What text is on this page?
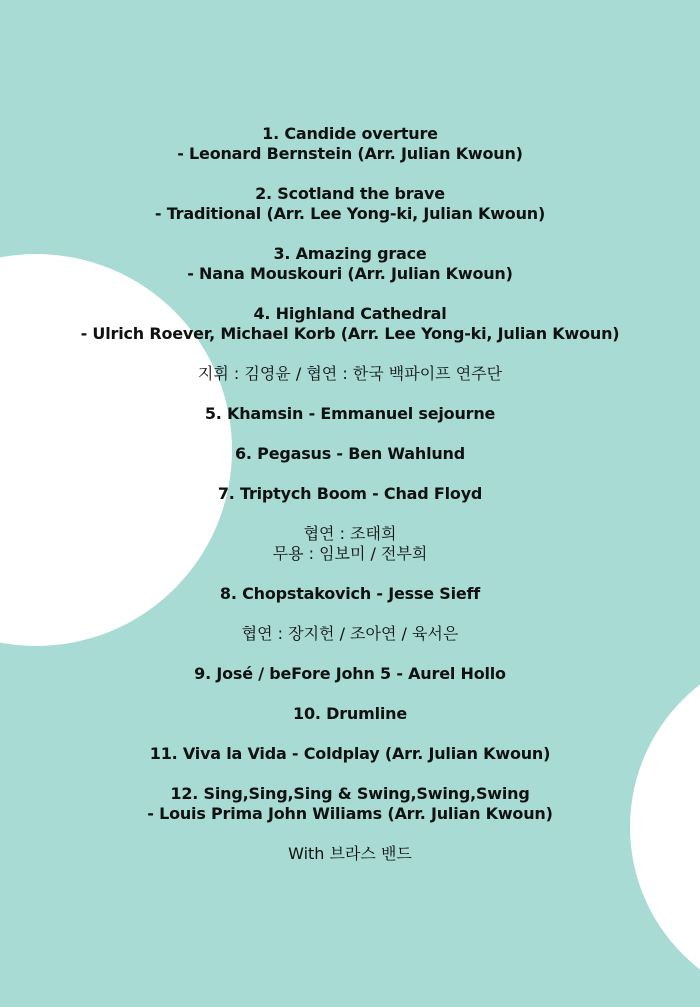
1. Candide overture
- Leonard Bernstein (Arr. Julian Kwoun)
2. Scotland the brave
- Traditional (Arr. Lee Yong-ki, Julian Kwoun)
3. Amazing grace
- Nana Mouskouri (Arr. Julian Kwoun)
4. Highland Cathedral
- Ulrich Roever, Michael Korb (Arr. Lee Yong-ki, Julian Kwoun)
지휘 : 김영윤 / 협연 : 한국 백파이프 연주단
5. Khamsin - Emmanuel sejourne
6. Pegasus - Ben Wahlund
7. Triptych Boom - Chad Floyd
협연 : 조태희
무용 : 임보미 / 전부희
8. Chopstakovich - Jesse Sieff
협연 : 장지헌 / 조아연 / 육서은
9. José / beFore John 5 - Aurel Hollo
10. Drumline
11. Viva la Vida - Coldplay (Arr. Julian Kwoun)
12. Sing,Sing,Sing & Swing,Swing,Swing
- Louis Prima John Wiliams (Arr. Julian Kwoun)
With 브라스 밴드
